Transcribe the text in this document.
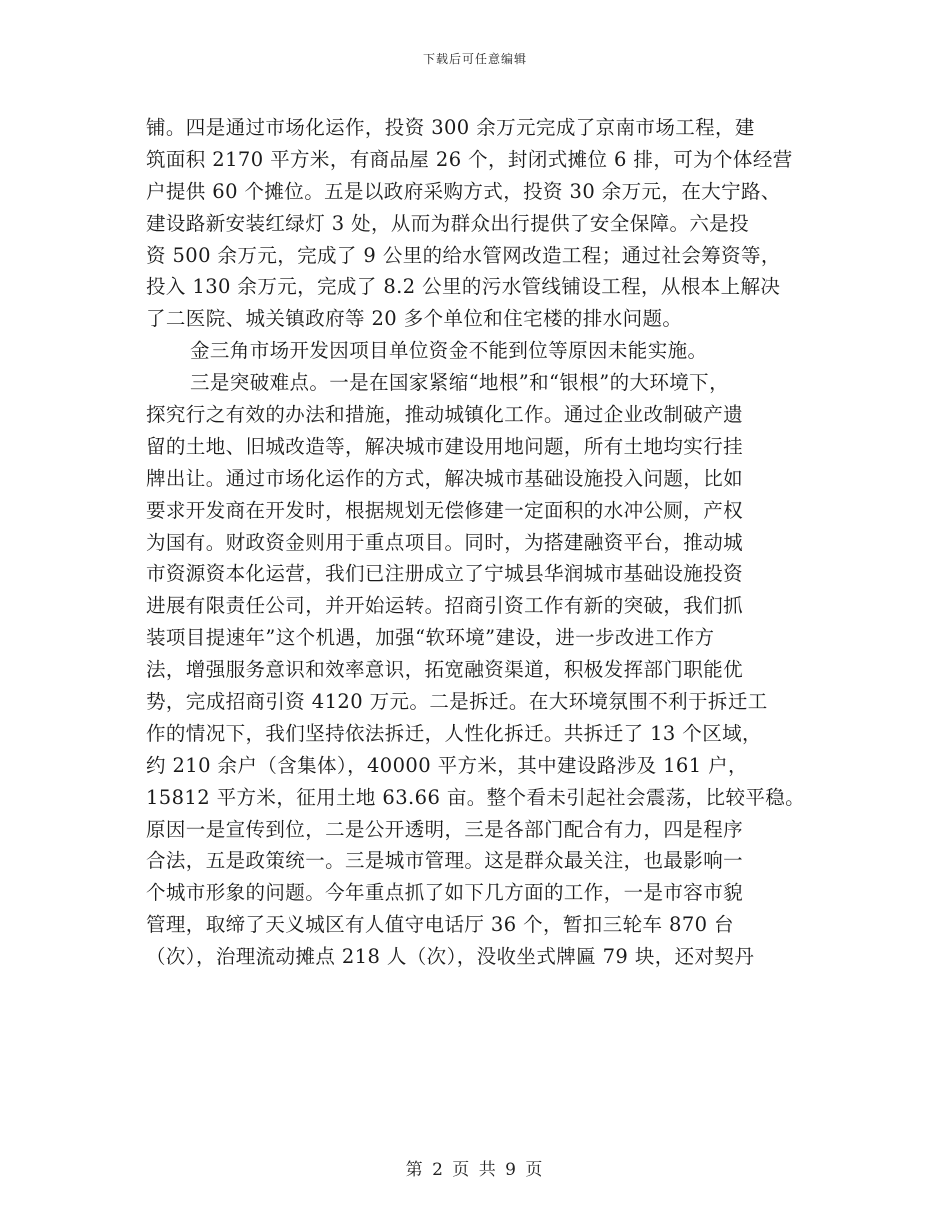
下载后可任意编辑
铺。四是通过市场化运作，投资 300 余万元完成了京南市场工程，建
筑面积 2170 平方米，有商品屋 26 个，封闭式摊位 6 排，可为个体经营
户提供 60 个摊位。五是以政府采购方式，投资 30 余万元，在大宁路、
建设路新安装红绿灯 3 处，从而为群众出行提供了安全保障。六是投
资 500 余万元，完成了 9 公里的给水管网改造工程；通过社会筹资等，
投入 130 余万元，完成了 8.2 公里的污水管线铺设工程，从根本上解决
了二医院、城关镇政府等 20 多个单位和住宅楼的排水问题。
金三角市场开发因项目单位资金不能到位等原因未能实施。
三是突破难点。一是在国家紧缩“地根”和“银根”的大环境下，
探究行之有效的办法和措施，推动城镇化工作。通过企业改制破产遗
留的土地、旧城改造等，解决城市建设用地问题，所有土地均实行挂
牌出让。通过市场化运作的方式，解决城市基础设施投入问题，比如
要求开发商在开发时，根据规划无偿修建一定面积的水冲公厕，产权
为国有。财政资金则用于重点项目。同时，为搭建融资平台，推动城
市资源资本化运营，我们已注册成立了宁城县华润城市基础设施投资
进展有限责任公司，并开始运转。招商引资工作有新的突破，我们抓
装项目提速年”这个机遇，加强“软环境”建设，进一步改进工作方
法，增强服务意识和效率意识，拓宽融资渠道，积极发挥部门职能优
势，完成招商引资 4120 万元。二是拆迁。在大环境氛围不利于拆迁工
作的情况下，我们坚持依法拆迁，人性化拆迁。共拆迁了 13 个区域，
约 210 余户（含集体），40000 平方米，其中建设路涉及 161 户，
15812 平方米，征用土地 63.66 亩。整个看未引起社会震荡，比较平稳。
原因一是宣传到位，二是公开透明，三是各部门配合有力，四是程序
合法，五是政策统一。三是城市管理。这是群众最关注，也最影响一
个城市形象的问题。今年重点抓了如下几方面的工作，一是市容市貌
管理，取缔了天义城区有人值守电话厅 36 个，暂扣三轮车 870 台
（次），治理流动摊点 218 人（次），没收坐式牌匾 79 块，还对契丹
第 2 页 共 9 页
